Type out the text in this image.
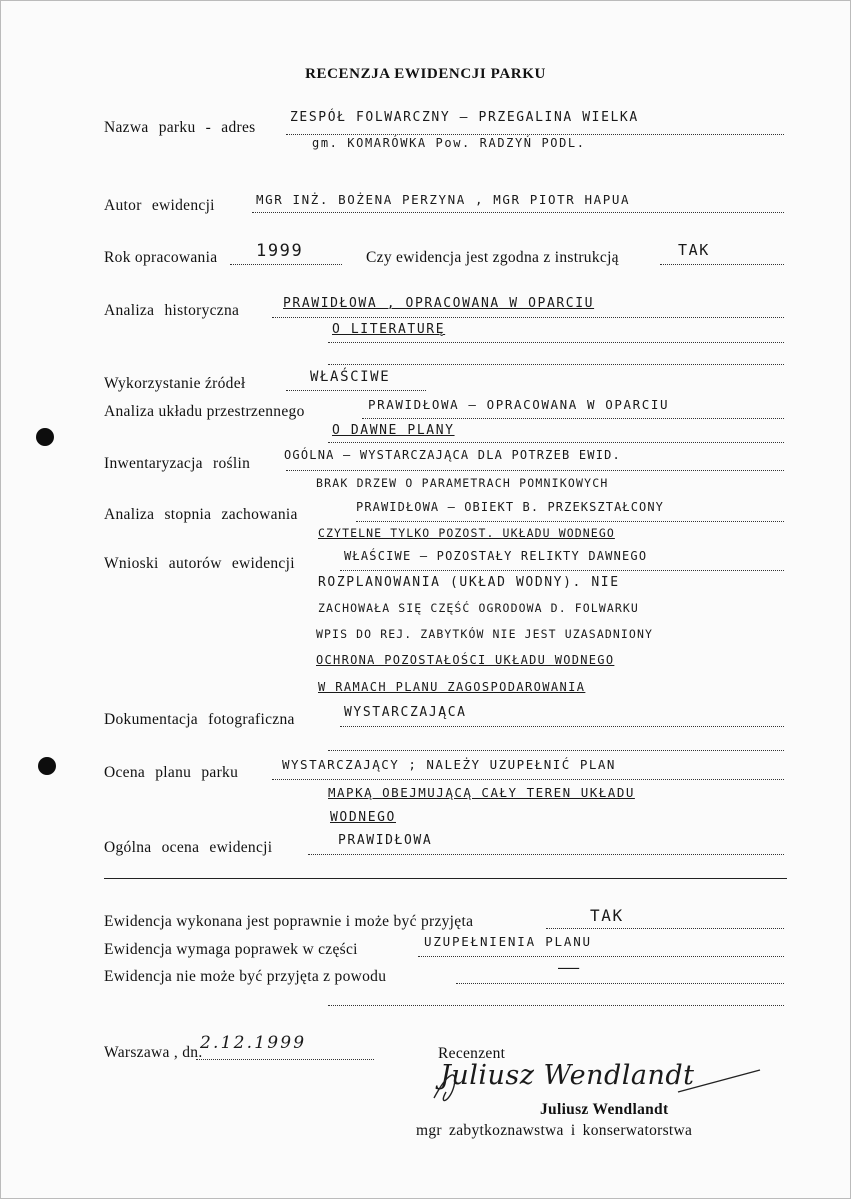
RECENZJA EWIDENCJI PARKU
Nazwa parku - adres
ZESPÓŁ FOLWARCZNY – PRZEGALINA WIELKA
gm. KOMARÓWKA Pow. RADZYŃ PODL.
Autor ewidencji	MGR INŻ. BOŻENA PERZYNA , MGR PIOTR HAPUA
Rok opracowania 1999	Czy ewidencja jest zgodna z instrukcją	TAK
Analiza historyczna	PRAWIDŁOWA , OPRACOWANA W OPARCIU
O LITERATURĘ
Wykorzystanie źródeł	WŁAŚCIWE
Analiza układu przestrzennego	PRAWIDŁOWA – OPRACOWANA W OPARCIU
O DAWNE PLANY
Inwentaryzacja roślin	OGÓLNA – WYSTARCZAJĄCA DLA POTRZEB EWID.
BRAK DRZEW O PARAMETRACH POMNIKOWYCH
Analiza stopnia zachowania	PRAWIDŁOWA – OBIEKT B. PRZEKSZTAŁCONY
CZYTELNE TYLKO POZOST. UKŁADU WODNEGO
Wnioski autorów ewidencji	WŁAŚCIWE – POZOSTAŁY RELIKTY DAWNEGO
ROZPLANOWANIA (UKŁAD WODNY). NIE
ZACHOWAŁA SIĘ CZĘŚĆ OGRODOWA D. FOLWARKU
WPIS DO REJ. ZABYTKÓW NIE JEST UZASADNIONY
OCHRONA POZOSTAŁOŚCI UKŁADU WODNEGO
W RAMACH PLANU ZAGOSPODAROWANIA
Dokumentacja fotograficzna	WYSTARCZAJĄCA
Ocena planu parku	WYSTARCZAJĄCY ; NALEŻY UZUPEŁNIĆ PLAN
MAPKĄ OBEJMUJĄCĄ CAŁY TEREN UKŁADU
WODNEGO
Ogólna ocena ewidencji	PRAWIDŁOWA
Ewidencja wykonana jest poprawnie i może być przyjęta	TAK
Ewidencja wymaga poprawek w części	UZUPEŁNIENIA PLANU
Ewidencja nie może być przyjęta z powodu	—
Warszawa , dn.
2.12.1999
Recenzent
Juliusz Wendlandt
Juliusz Wendlandt
mgr zabytkoznawstwa i konserwatorstwa
